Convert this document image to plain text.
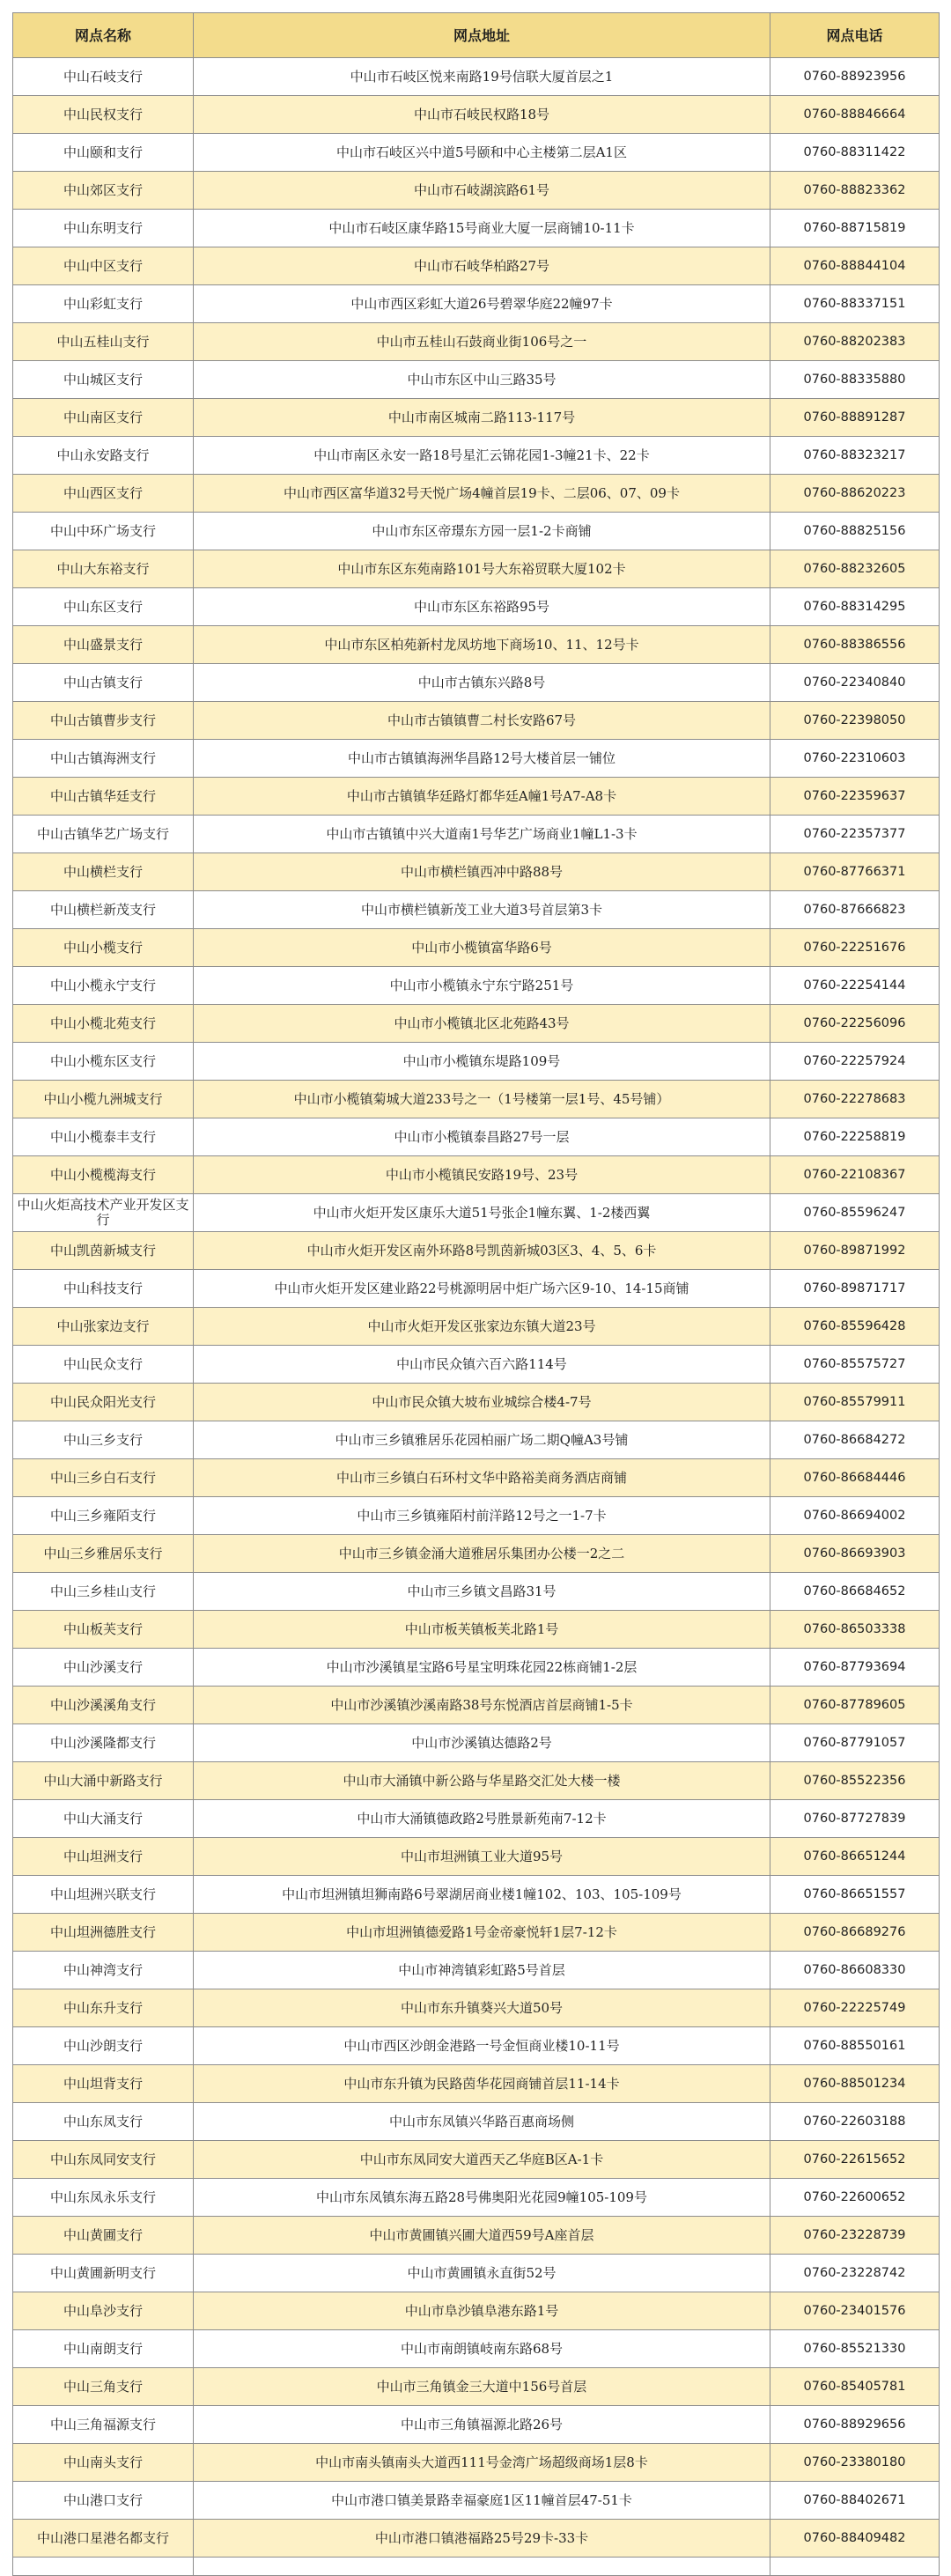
网点名称	网点地址	网点电话
中山石岐支行	中山市石岐区悦来南路19号信联大厦首层之1	0760-88923956
中山民权支行	中山市石岐民权路18号	0760-88846664
中山颐和支行	中山市石岐区兴中道5号颐和中心主楼第二层A1区	0760-88311422
中山郊区支行	中山市石岐湖滨路61号	0760-88823362
中山东明支行	中山市石岐区康华路15号商业大厦一层商铺10-11卡	0760-88715819
中山中区支行	中山市石岐华柏路27号	0760-88844104
中山彩虹支行	中山市西区彩虹大道26号碧翠华庭22幢97卡	0760-88337151
中山五桂山支行	中山市五桂山石鼓商业街106号之一	0760-88202383
中山城区支行	中山市东区中山三路35号	0760-88335880
中山南区支行	中山市南区城南二路113-117号	0760-88891287
中山永安路支行	中山市南区永安一路18号星汇云锦花园1-3幢21卡、22卡	0760-88323217
中山西区支行	中山市西区富华道32号天悦广场4幢首层19卡、二层06、07、09卡	0760-88620223
中山中环广场支行	中山市东区帝璟东方园一层1-2卡商铺	0760-88825156
中山大东裕支行	中山市东区东苑南路101号大东裕贸联大厦102卡	0760-88232605
中山东区支行	中山市东区东裕路95号	0760-88314295
中山盛景支行	中山市东区柏苑新村龙凤坊地下商场10、11、12号卡	0760-88386556
中山古镇支行	中山市古镇东兴路8号	0760-22340840
中山古镇曹步支行	中山市古镇镇曹二村长安路67号	0760-22398050
中山古镇海洲支行	中山市古镇镇海洲华昌路12号大楼首层一铺位	0760-22310603
中山古镇华廷支行	中山市古镇镇华廷路灯都华廷A幢1号A7-A8卡	0760-22359637
中山古镇华艺广场支行	中山市古镇镇中兴大道南1号华艺广场商业1幢L1-3卡	0760-22357377
中山横栏支行	中山市横栏镇西冲中路88号	0760-87766371
中山横栏新茂支行	中山市横栏镇新茂工业大道3号首层第3卡	0760-87666823
中山小榄支行	中山市小榄镇富华路6号	0760-22251676
中山小榄永宁支行	中山市小榄镇永宁东宁路251号	0760-22254144
中山小榄北苑支行	中山市小榄镇北区北苑路43号	0760-22256096
中山小榄东区支行	中山市小榄镇东堤路109号	0760-22257924
中山小榄九洲城支行	中山市小榄镇菊城大道233号之一（1号楼第一层1号、45号铺）	0760-22278683
中山小榄泰丰支行	中山市小榄镇泰昌路27号一层	0760-22258819
中山小榄榄海支行	中山市小榄镇民安路19号、23号	0760-22108367
中山火炬高技术产业开发区支行	中山市火炬开发区康乐大道51号张企1幢东翼、1-2楼西翼	0760-85596247
中山凯茵新城支行	中山市火炬开发区南外环路8号凯茵新城03区3、4、5、6卡	0760-89871992
中山科技支行	中山市火炬开发区建业路22号桃源明居中炬广场六区9-10、14-15商铺	0760-89871717
中山张家边支行	中山市火炬开发区张家边东镇大道23号	0760-85596428
中山民众支行	中山市民众镇六百六路114号	0760-85575727
中山民众阳光支行	中山市民众镇大坡布业城综合楼4-7号	0760-85579911
中山三乡支行	中山市三乡镇雅居乐花园柏丽广场二期Q幢A3号铺	0760-86684272
中山三乡白石支行	中山市三乡镇白石环村文华中路裕美商务酒店商铺	0760-86684446
中山三乡雍陌支行	中山市三乡镇雍陌村前洋路12号之一1-7卡	0760-86694002
中山三乡雅居乐支行	中山市三乡镇金涌大道雅居乐集团办公楼一2之二	0760-86693903
中山三乡桂山支行	中山市三乡镇文昌路31号	0760-86684652
中山板芙支行	中山市板芙镇板芙北路1号	0760-86503338
中山沙溪支行	中山市沙溪镇星宝路6号星宝明珠花园22栋商铺1-2层	0760-87793694
中山沙溪溪角支行	中山市沙溪镇沙溪南路38号东悦酒店首层商铺1-5卡	0760-87789605
中山沙溪隆都支行	中山市沙溪镇达德路2号	0760-87791057
中山大涌中新路支行	中山市大涌镇中新公路与华星路交汇处大楼一楼	0760-85522356
中山大涌支行	中山市大涌镇德政路2号胜景新苑南7-12卡	0760-87727839
中山坦洲支行	中山市坦洲镇工业大道95号	0760-86651244
中山坦洲兴联支行	中山市坦洲镇坦狮南路6号翠湖居商业楼1幢102、103、105-109号	0760-86651557
中山坦洲德胜支行	中山市坦洲镇德爱路1号金帝豪悦轩1层7-12卡	0760-86689276
中山神湾支行	中山市神湾镇彩虹路5号首层	0760-86608330
中山东升支行	中山市东升镇葵兴大道50号	0760-22225749
中山沙朗支行	中山市西区沙朗金港路一号金恒商业楼10-11号	0760-88550161
中山坦背支行	中山市东升镇为民路茵华花园商铺首层11-14卡	0760-88501234
中山东凤支行	中山市东凤镇兴华路百惠商场侧	0760-22603188
中山东凤同安支行	中山市东凤同安大道西天乙华庭B区A-1卡	0760-22615652
中山东凤永乐支行	中山市东凤镇东海五路28号佛奥阳光花园9幢105-109号	0760-22600652
中山黄圃支行	中山市黄圃镇兴圃大道西59号A座首层	0760-23228739
中山黄圃新明支行	中山市黄圃镇永直街52号	0760-23228742
中山阜沙支行	中山市阜沙镇阜港东路1号	0760-23401576
中山南朗支行	中山市南朗镇岐南东路68号	0760-85521330
中山三角支行	中山市三角镇金三大道中156号首层	0760-85405781
中山三角福源支行	中山市三角镇福源北路26号	0760-88929656
中山南头支行	中山市南头镇南头大道西111号金湾广场超级商场1层8卡	0760-23380180
中山港口支行	中山市港口镇美景路幸福豪庭1区11幢首层47-51卡	0760-88402671
中山港口星港名都支行	中山市港口镇港福路25号29卡-33卡	0760-88409482
